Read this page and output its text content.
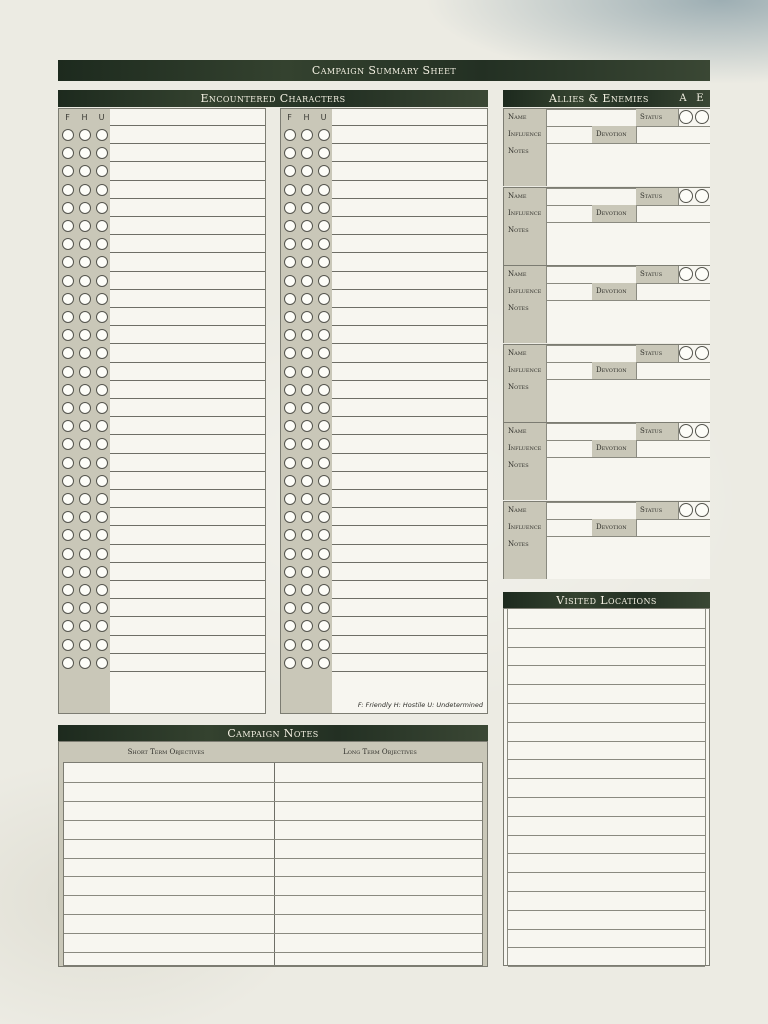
Campaign Summary Sheet
Encountered Characters
F	H	U	F	H	U
F: Friendly H: Hostile U: Undetermined
Allies & Enemies	A E
Name	Status
Influence	Devotion
Notes
Name	Status
Influence	Devotion
Notes
Name	Status
Influence	Devotion
Notes
Name	Status
Influence	Devotion
Notes
Name	Status
Influence	Devotion
Notes
Name	Status
Influence	Devotion
Notes
Visited Locations
Campaign Notes
Short Term Objectives	Long Term Objectives
